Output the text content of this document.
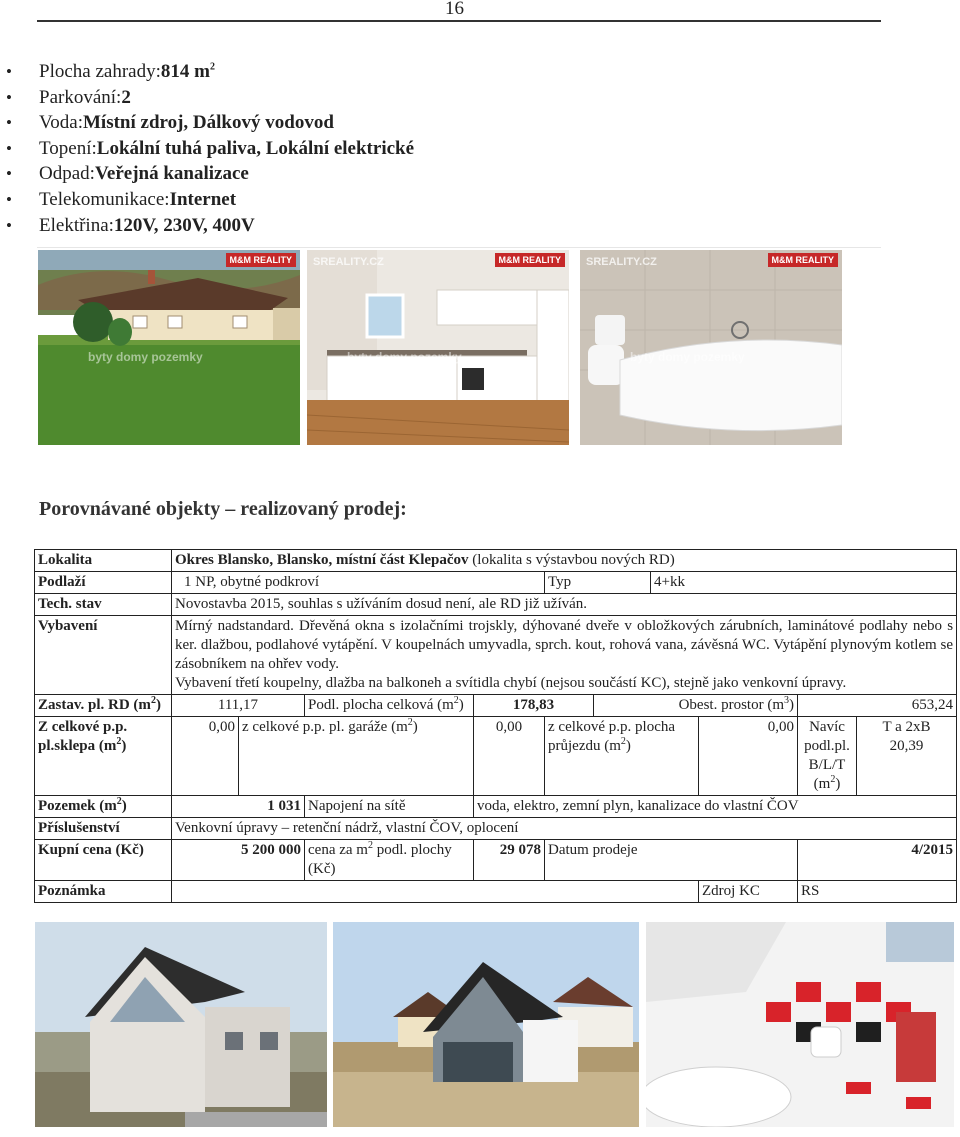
16
• Plocha zahrady:814 $m^2$
• Parkování:2
• Voda:Místní zdroj, Dálkový vodovod
• Topení:Lokální tuhá paliva, Lokální elektrické
• Odpad:Veřejná kanalizace
• Telekomunikace:Internet
• Elektřina:120V, 230V, 400V
M&M REALITY
byty domy pozemky
SREALITY.CZ	M&M REALITY
byty domy pozemky
SREALITY.CZ	M&M REALITY
byty domy pozemky
Porovnávané objekty – realizovaný prodej:
Lokalita	Okres Blansko, Blansko, místní část Klepačov (lokalita s výstavbou nových RD)									
Podlaží	1 NP, obytné podkroví				Typ		4+kk			
Tech. stav	Novostavba 2015, souhlas s užíváním dosud není, ale RD již užíván.									
Vybavení	Mírný nadstandard. Dřevěná okna s izolačními trojskly, dýhované dveře v obložkových zárubních, laminátové podlahy nebo s ker. dlažbou, podlahové vytápění. V koupelnách umyvadla, sprch. kout, rohová vana, závěsná WC. Vytápění plynovým kotlem se zásobníkem na ohřev vody.
Vybavení třetí koupelny, dlažba na balkoneh a svítidla chybí (nejsou součástí KC), stejně jako venkovní úpravy.									

Zastav. pl. RD $(m^2)$	111,17		Podl. plocha celková $(m^2)$	178,83		Obest. prostor $(m^3)$			653,24	
Z celkové p.p. pl.sklepa $(m^2)$	0,00	z celkové p.p. pl. garáže $(m^2)$		0,00	z celkové p.p. plocha průjezdu $(m^2)$			0,00	Navíc podl.pl. B/L/T $(m^2)$	T a 2xB
20,39

Pozemek $(m^2)$	1 031		Napojení na sítě	voda, elektro, zemní plyn, kanalizace do vlastní ČOV						
Příslušenství	Venkovní úpravy – retenční nádrž, vlastní ČOV, oplocení									
Kupní cena (Kč)	5 200 000		cena za $m^2$ podl. plochy (Kč)	29 078	Datum prodeje				4/2015	
Poznámka								Zdroj KC	RS	
